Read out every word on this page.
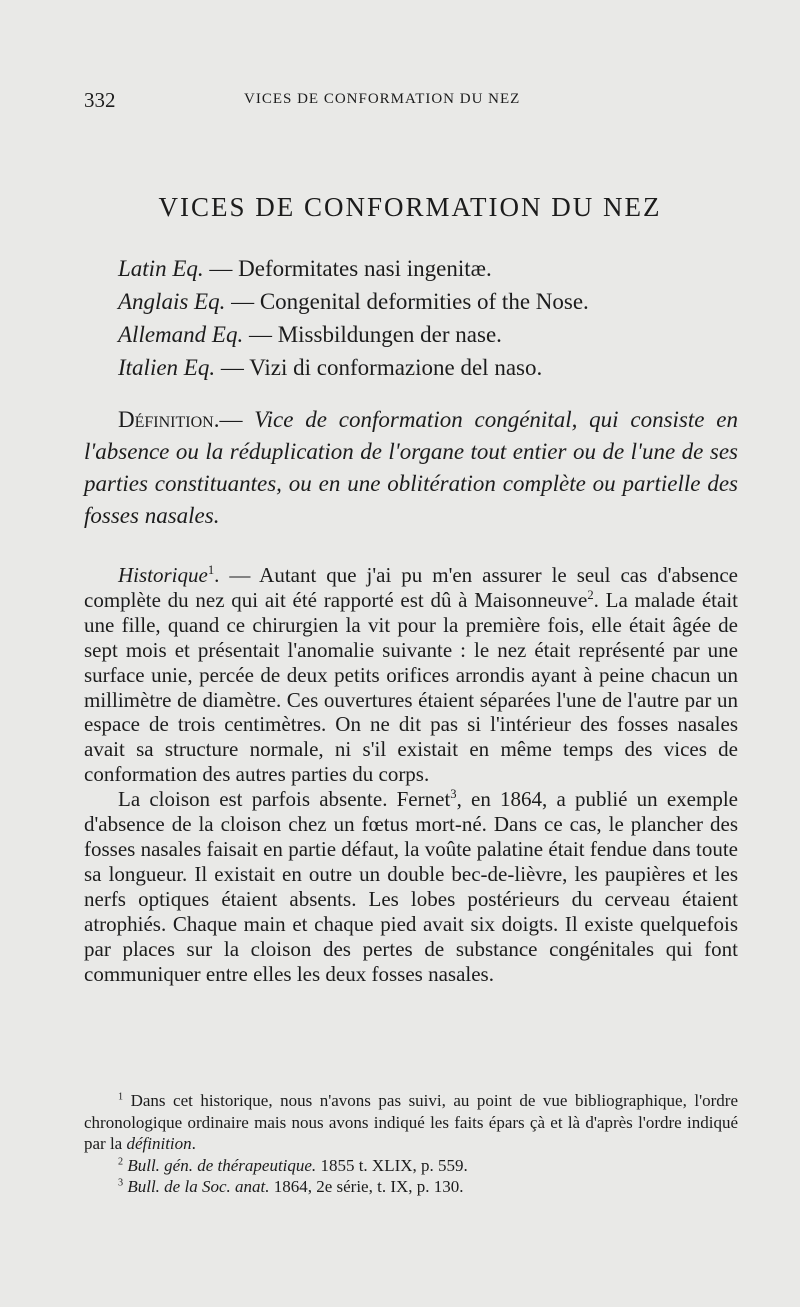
332	VICES DE CONFORMATION DU NEZ
VICES DE CONFORMATION DU NEZ
Latin Eq. — Deformitates nasi ingenitæ.
Anglais Eq. — Congenital deformities of the Nose.
Allemand Eq. — Missbildungen der nase.
Italien Eq. — Vizi di conformazione del naso.

Définition.— Vice de conformation congénital, qui consiste en l'absence ou la réduplication de l'organe tout entier ou de l'une de ses parties constituantes, ou en une oblitération complète ou partielle des fosses nasales.

Historique$^1$. — Autant que j'ai pu m'en assurer le seul cas d'absence complète du nez qui ait été rapporté est dû à Maisonneuve$^2$. La malade était une fille, quand ce chirurgien la vit pour la première fois, elle était âgée de sept mois et présentait l'anomalie suivante : le nez était représenté par une surface unie, percée de deux petits orifices arrondis ayant à peine chacun un millimètre de diamètre. Ces ouvertures étaient séparées l'une de l'autre par un espace de trois centimètres. On ne dit pas si l'intérieur des fosses nasales avait sa structure normale, ni s'il existait en même temps des vices de conformation des autres parties du corps.

La cloison est parfois absente. Fernet$^3$, en 1864, a publié un exemple d'absence de la cloison chez un fœtus mort-né. Dans ce cas, le plancher des fosses nasales faisait en partie défaut, la voûte palatine était fendue dans toute sa longueur. Il existait en outre un double bec-de-lièvre, les paupières et les nerfs optiques étaient absents. Les lobes postérieurs du cerveau étaient atrophiés. Chaque main et chaque pied avait six doigts. Il existe quelquefois par places sur la cloison des pertes de substance congénitales qui font communiquer entre elles les deux fosses nasales.

$^1$ Dans cet historique, nous n'avons pas suivi, au point de vue bibliographique, l'ordre chronologique ordinaire mais nous avons indiqué les faits épars çà et là d'après l'ordre indiqué par la définition.

$^2$ Bull. gén. de thérapeutique. 1855 t. XLIX, p. 559.

$^3$ Bull. de la Soc. anat. 1864, 2e série, t. IX, p. 130.
